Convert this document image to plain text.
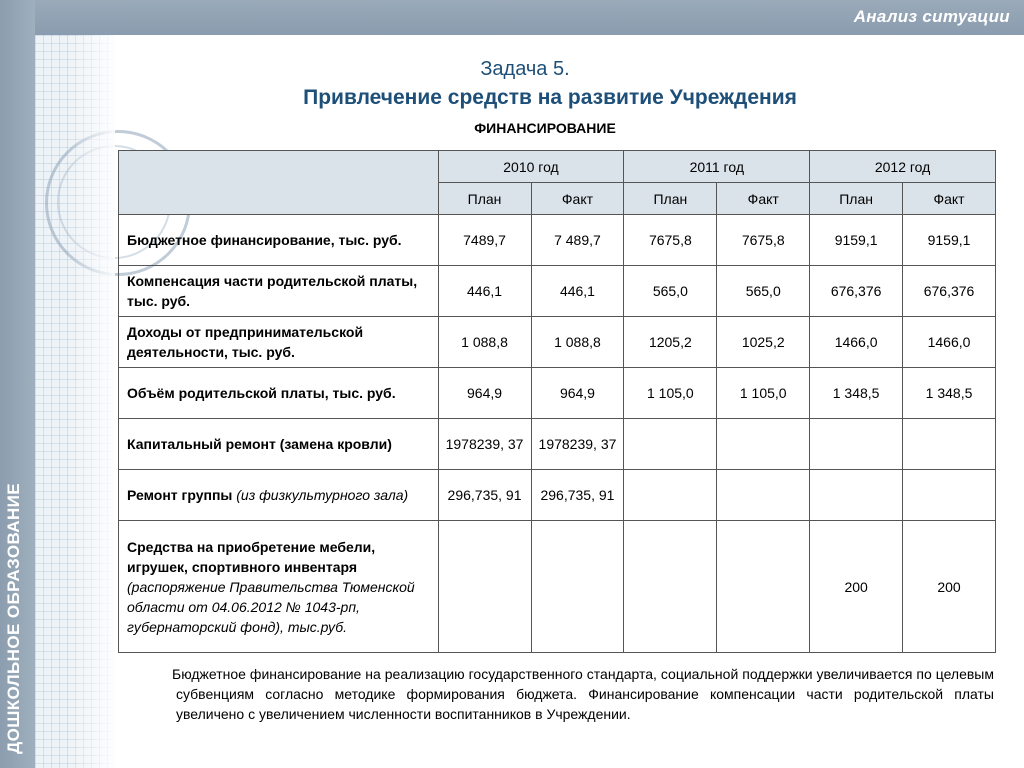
Анализ ситуации
ДОШКОЛЬНОЕ ОБРАЗОВАНИЕ
Задача 5.
Привлечение средств на развитие Учреждения
ФИНАНСИРОВАНИЕ
	2010 год		2011 год		2012 год	
	План	Факт	План	Факт	План	Факт
Бюджетное финансирование, тыс. руб.	7489,7	7 489,7	7675,8	7675,8	9159,1	9159,1
Компенсация части родительской платы, тыс. руб.	446,1	446,1	565,0	565,0	676,376	676,376
Доходы от предпринимательской деятельности, тыс. руб.	1 088,8	1 088,8	1205,2	1025,2	1466,0	1466,0
Объём родительской платы, тыс. руб.	964,9	964,9	1 105,0	1 105,0	1 348,5	1 348,5
Капитальный ремонт (замена кровли)	1978239, 37	1978239, 37				
Ремонт группы (из физкультурного зала)	296,735, 91	296,735, 91				
Средства на приобретение мебели, игрушек, спортивного инвентаря (распоряжение Правительства Тюменской области от 04.06.2012 № 1043-рп, губернаторский фонд), тыс.руб.					200	200
Бюджетное финансирование на реализацию государственного стандарта, социальной поддержки увеличивается по целевым субвенциям согласно методике формирования бюджета. Финансирование компенсации части родительской платы увеличено с увеличением численности воспитанников в Учреждении.
